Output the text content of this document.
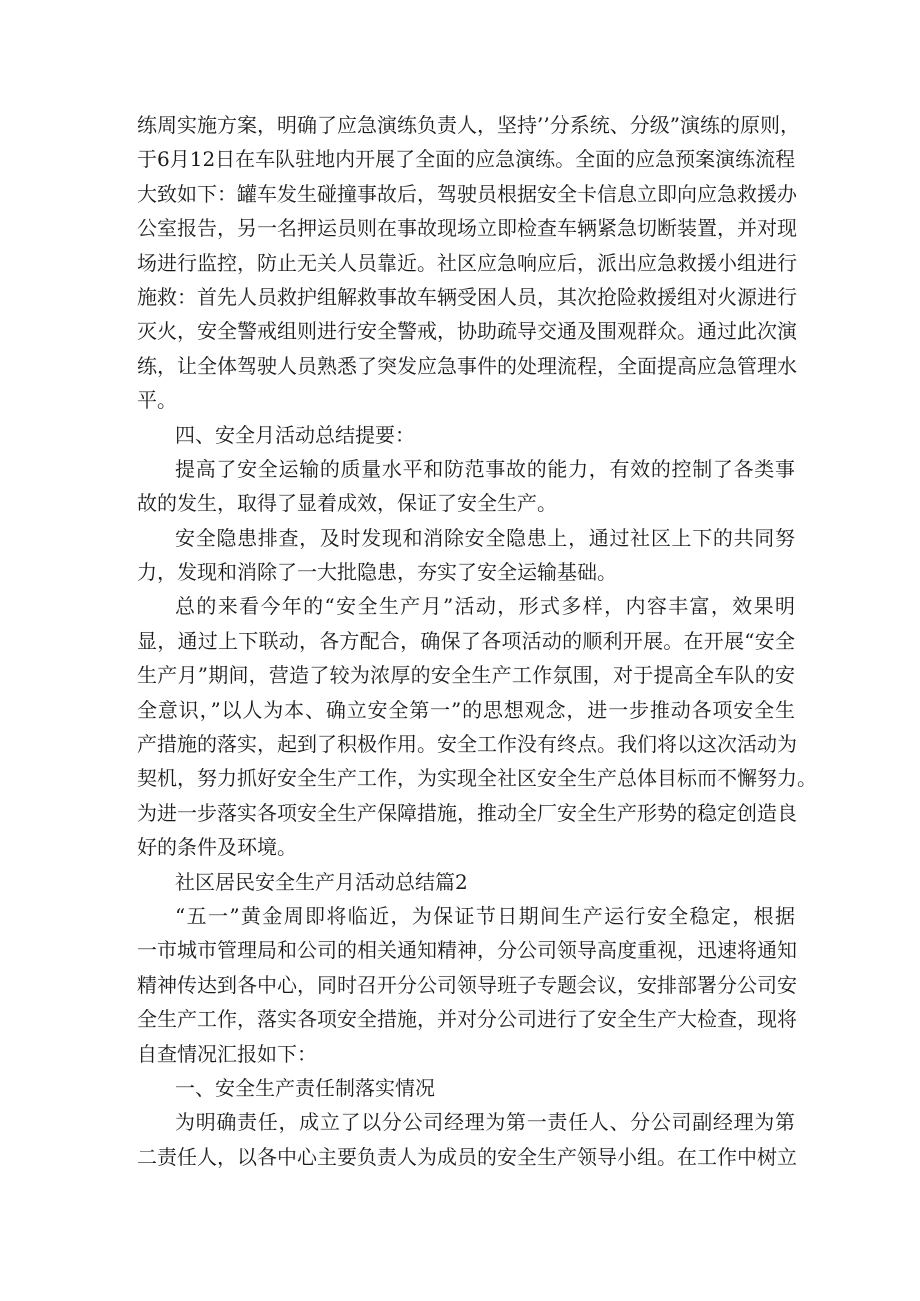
练周实施方案，明确了应急演练负责人，坚持’’分系统、分级”演练的原则，
于6月12日在车队驻地内开展了全面的应急演练。全面的应急预案演练流程
大致如下：罐车发生碰撞事故后，驾驶员根据安全卡信息立即向应急救援办
公室报告，另一名押运员则在事故现场立即检查车辆紧急切断装置，并对现
场进行监控，防止无关人员靠近。社区应急响应后，派出应急救援小组进行
施救：首先人员救护组解救事故车辆受困人员，其次抢险救援组对火源进行
灭火，安全警戒组则进行安全警戒，协助疏导交通及围观群众。通过此次演
练，让全体驾驶人员熟悉了突发应急事件的处理流程，全面提高应急管理水
平。
四、安全月活动总结提要：
提高了安全运输的质量水平和防范事故的能力，有效的控制了各类事
故的发生，取得了显着成效，保证了安全生产。
安全隐患排查，及时发现和消除安全隐患上，通过社区上下的共同努
力，发现和消除了一大批隐患，夯实了安全运输基础。
总的来看今年的“安全生产月”活动，形式多样，内容丰富，效果明
显，通过上下联动，各方配合，确保了各项活动的顺利开展。在开展“安全
生产月”期间，营造了较为浓厚的安全生产工作氛围，对于提高全车队的安
全意识，”以人为本、确立安全第一”的思想观念，进一步推动各项安全生
产措施的落实，起到了积极作用。安全工作没有终点。我们将以这次活动为
契机，努力抓好安全生产工作，为实现全社区安全生产总体目标而不懈努力。
为进一步落实各项安全生产保障措施，推动全厂安全生产形势的稳定创造良
好的条件及环境。
社区居民安全生产月活动总结篇2
“五一”黄金周即将临近，为保证节日期间生产运行安全稳定，根据
一市城市管理局和公司的相关通知精神，分公司领导高度重视，迅速将通知
精神传达到各中心，同时召开分公司领导班子专题会议，安排部署分公司安
全生产工作，落实各项安全措施，并对分公司进行了安全生产大检查，现将
自查情况汇报如下：
一、安全生产责任制落实情况
为明确责任，成立了以分公司经理为第一责任人、分公司副经理为第
二责任人，以各中心主要负责人为成员的安全生产领导小组。在工作中树立
